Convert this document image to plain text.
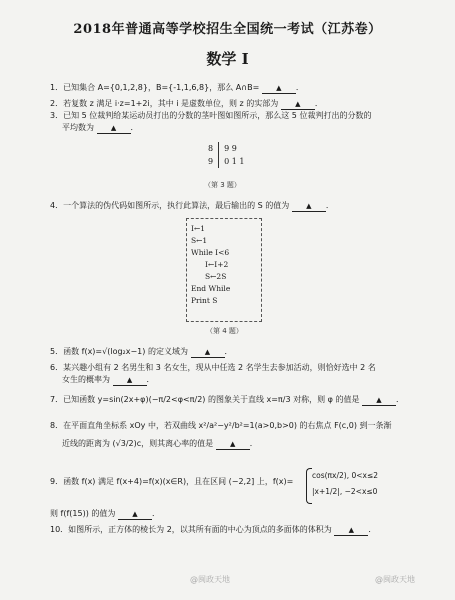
2018年普通高等学校招生全国统一考试（江苏卷）
数学 I
1．已知集合 A={0,1,2,8}，B={-1,1,6,8}，那么 A∩B= ▲ ．
2．若复数 z 满足 i·z=1+2i，其中 i 是虚数单位，则 z 的实部为 ▲ ．
3．已知 5 位裁判给某运动员打出的分数的茎叶图如图所示，那么这 5 位裁判打出的分数的
平均数为 ▲ ．
8
9
9 9
0 1 1
（第 3 题）
4．一个算法的伪代码如图所示，执行此算法，最后输出的 S 的值为 ▲ ．
I←1
S←1
While I<6
I←I+2
S←2S
End While
Print S
（第 4 题）
5．函数 f(x)=√(log₂x−1) 的定义域为 ▲ ．
6．某兴趣小组有 2 名男生和 3 名女生，现从中任选 2 名学生去参加活动，则恰好选中 2 名
女生的概率为 ▲ ．
7．已知函数 y=sin(2x+φ)(−π/2<φ<π/2) 的图象关于直线 x=π/3 对称，则 φ 的值是 ▲ ．
8．在平面直角坐标系 xOy 中，若双曲线 x²/a²−y²/b²=1(a>0,b>0) 的右焦点 F(c,0) 到一条渐
近线的距离为 (√3/2)c，则其离心率的值是 ▲ ．
9．函数 f(x) 满足 f(x+4)=f(x)(x∈R)，且在区间 (−2,2] 上，f(x)=
cos(πx/2), 0<x≤2
|x+1/2|, −2<x≤0
则 f(f(15)) 的值为 ▲ ．
10．如图所示，正方体的棱长为 2，以其所有面的中心为顶点的多面体的体积为 ▲ ．
@闽政天地	@闽政天地
